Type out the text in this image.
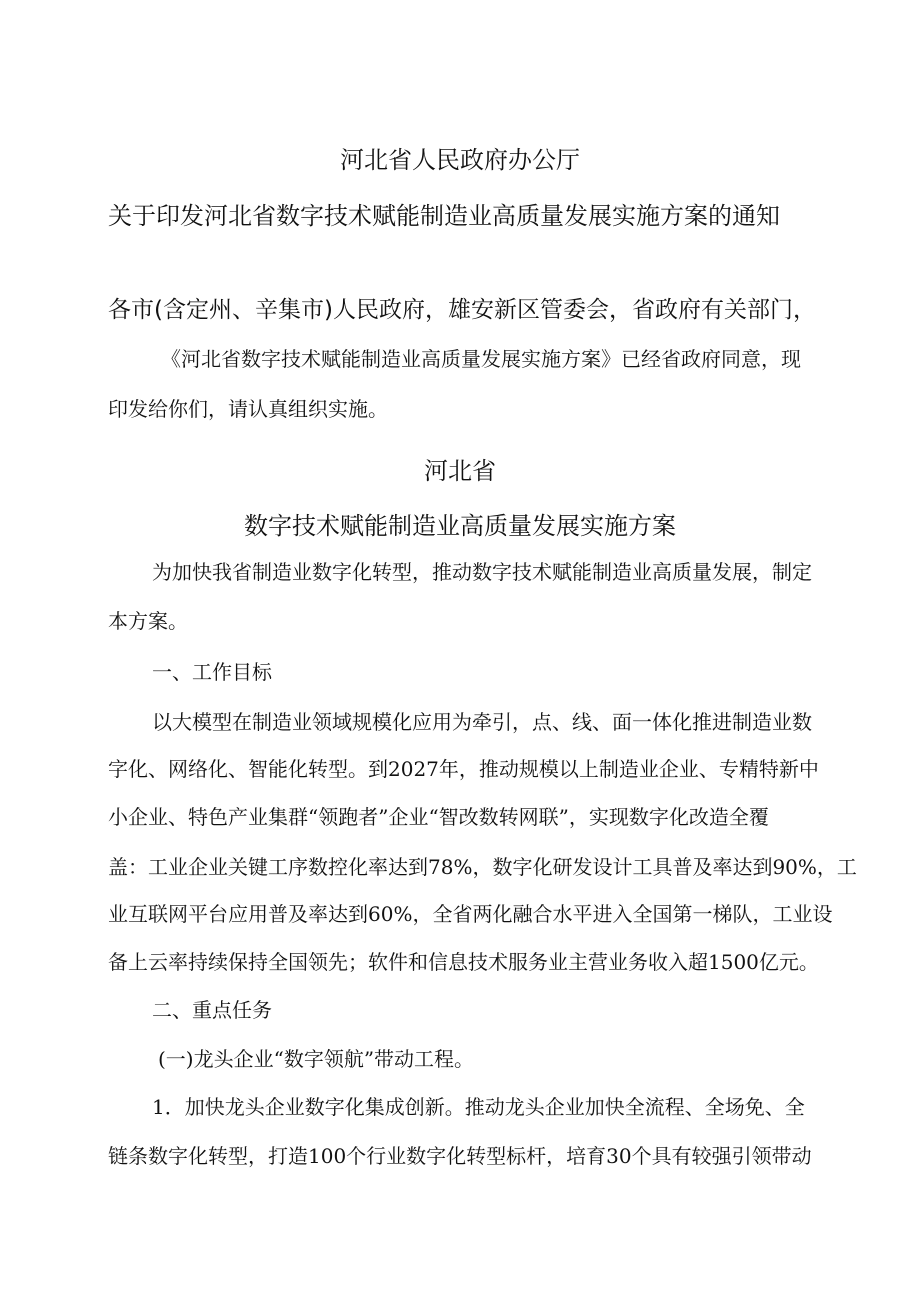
河北省人民政府办公厅

关于印发河北省数字技术赋能制造业高质量发展实施方案的通知

各市(含定州、辛集市)人民政府，雄安新区管委会，省政府有关部门，

《河北省数字技术赋能制造业高质量发展实施方案》已经省政府同意，现

印发给你们，请认真组织实施。

河北省

数字技术赋能制造业高质量发展实施方案

为加快我省制造业数字化转型，推动数字技术赋能制造业高质量发展，制定

本方案。

一、工作目标

以大模型在制造业领域规模化应用为牵引，点、线、面一体化推进制造业数

字化、网络化、智能化转型。到2027年，推动规模以上制造业企业、专精特新中

小企业、特色产业集群“领跑者”企业“智改数转网联”，实现数字化改造全覆

盖：工业企业关键工序数控化率达到78%，数字化研发设计工具普及率达到90%，工

业互联网平台应用普及率达到60%，全省两化融合水平进入全国第一梯队，工业设

备上云率持续保持全国领先；软件和信息技术服务业主营业务收入超1500亿元。

二、重点任务

(一)龙头企业“数字领航”带动工程。

1．加快龙头企业数字化集成创新。推动龙头企业加快全流程、全场免、全

链条数字化转型，打造100个行业数字化转型标杆，培育30个具有较强引领带动
